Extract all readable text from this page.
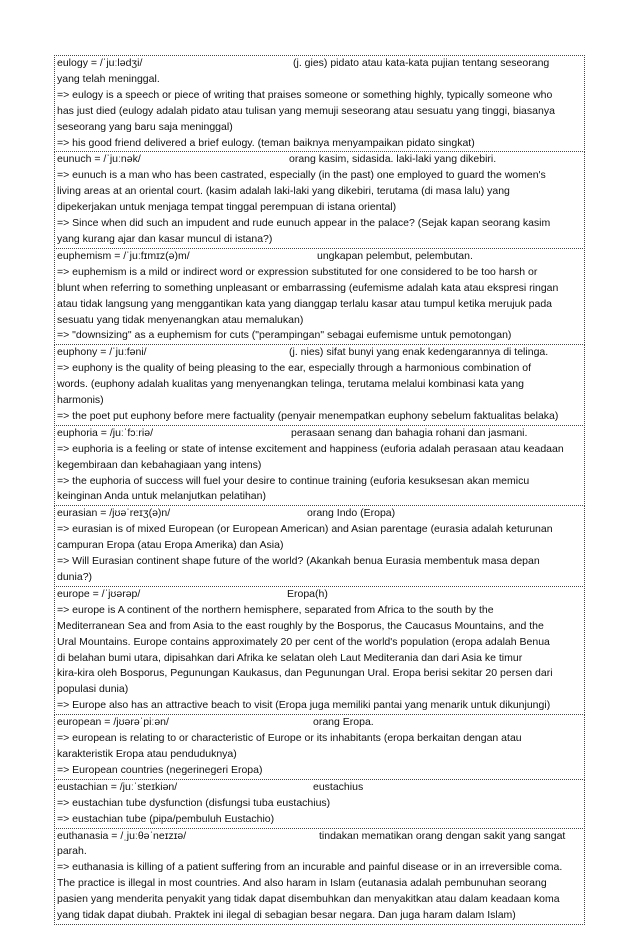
eulogy = /ˈjuːlədʒi/	(j. gies) pidato atau kata-kata pujian tentang seseorang
yang telah meninggal.
=> eulogy is a speech or piece of writing that praises someone or something highly, typically someone who
has just died (eulogy adalah pidato atau tulisan yang memuji seseorang atau sesuatu yang tinggi, biasanya
seseorang yang baru saja meninggal)
=> his good friend delivered a brief eulogy. (teman baiknya menyampaikan pidato singkat)
eunuch = /ˈjuːnək/	orang kasim, sidasida. laki-laki yang dikebiri.
=> eunuch is a man who has been castrated, especially (in the past) one employed to guard the women's
living areas at an oriental court. (kasim adalah laki-laki yang dikebiri, terutama (di masa lalu) yang
dipekerjakan untuk menjaga tempat tinggal perempuan di istana oriental)
=> Since when did such an impudent and rude eunuch appear in the palace? (Sejak kapan seorang kasim
yang kurang ajar dan kasar muncul di istana?)
euphemism = /ˈjuːfɪmɪz(ə)m/	ungkapan pelembut, pelembutan.
=> euphemism is a mild or indirect word or expression substituted for one considered to be too harsh or
blunt when referring to something unpleasant or embarrassing (eufemisme adalah kata atau ekspresi ringan
atau tidak langsung yang menggantikan kata yang dianggap terlalu kasar atau tumpul ketika merujuk pada
sesuatu yang tidak menyenangkan atau memalukan)
=> "downsizing" as a euphemism for cuts ("perampingan" sebagai eufemisme untuk pemotongan)
euphony = /ˈjuːfəni/	(j. nies) sifat bunyi yang enak kedengarannya di telinga.
=> euphony is the quality of being pleasing to the ear, especially through a harmonious combination of
words. (euphony adalah kualitas yang menyenangkan telinga, terutama melalui kombinasi kata yang
harmonis)
=> the poet put euphony before mere factuality (penyair menempatkan euphony sebelum faktualitas belaka)
euphoria = /juːˈfɔːriə/	perasaan senang dan bahagia rohani dan jasmani.
=> euphoria is a feeling or state of intense excitement and happiness (euforia adalah perasaan atau keadaan
kegembiraan dan kebahagiaan yang intens)
=> the euphoria of success will fuel your desire to continue training (euforia kesuksesan akan memicu
keinginan Anda untuk melanjutkan pelatihan)
eurasian = /jʊəˈreɪʒ(ə)n/	orang Indo (Eropa)
=> eurasian is of mixed European (or European American) and Asian parentage (eurasia adalah keturunan
campuran Eropa (atau Eropa Amerika) dan Asia)
=> Will Eurasian continent shape future of the world? (Akankah benua Eurasia membentuk masa depan
dunia?)
europe = /ˈjʊərəp/	Eropa(h)
=> europe is A continent of the northern hemisphere, separated from Africa to the south by the
Mediterranean Sea and from Asia to the east roughly by the Bosporus, the Caucasus Mountains, and the
Ural Mountains. Europe contains approximately 20 per cent of the world's population (eropa adalah Benua
di belahan bumi utara, dipisahkan dari Afrika ke selatan oleh Laut Mediterania dan dari Asia ke timur
kira-kira oleh Bosporus, Pegunungan Kaukasus, dan Pegunungan Ural. Eropa berisi sekitar 20 persen dari
populasi dunia)
=> Europe also has an attractive beach to visit (Eropa juga memiliki pantai yang menarik untuk dikunjungi)
european = /jʊərəˈpiːən/	orang Eropa.
=> european is relating to or characteristic of Europe or its inhabitants (eropa berkaitan dengan atau
karakteristik Eropa atau penduduknya)
=> European countries (negerinegeri Eropa)
eustachian = /juːˈsteɪkiən/	eustachius
=> eustachian tube dysfunction (disfungsi tuba eustachius)
=> eustachian tube (pipa/pembuluh Eustachio)
euthanasia = /ˌjuːθəˈneɪzɪə/	tindakan mematikan orang dengan sakit yang sangat
parah.
=> euthanasia is killing of a patient suffering from an incurable and painful disease or in an irreversible coma.
The practice is illegal in most countries. And also haram in Islam (eutanasia adalah pembunuhan seorang
pasien yang menderita penyakit yang tidak dapat disembuhkan dan menyakitkan atau dalam keadaan koma
yang tidak dapat diubah. Praktek ini ilegal di sebagian besar negara. Dan juga haram dalam Islam)
